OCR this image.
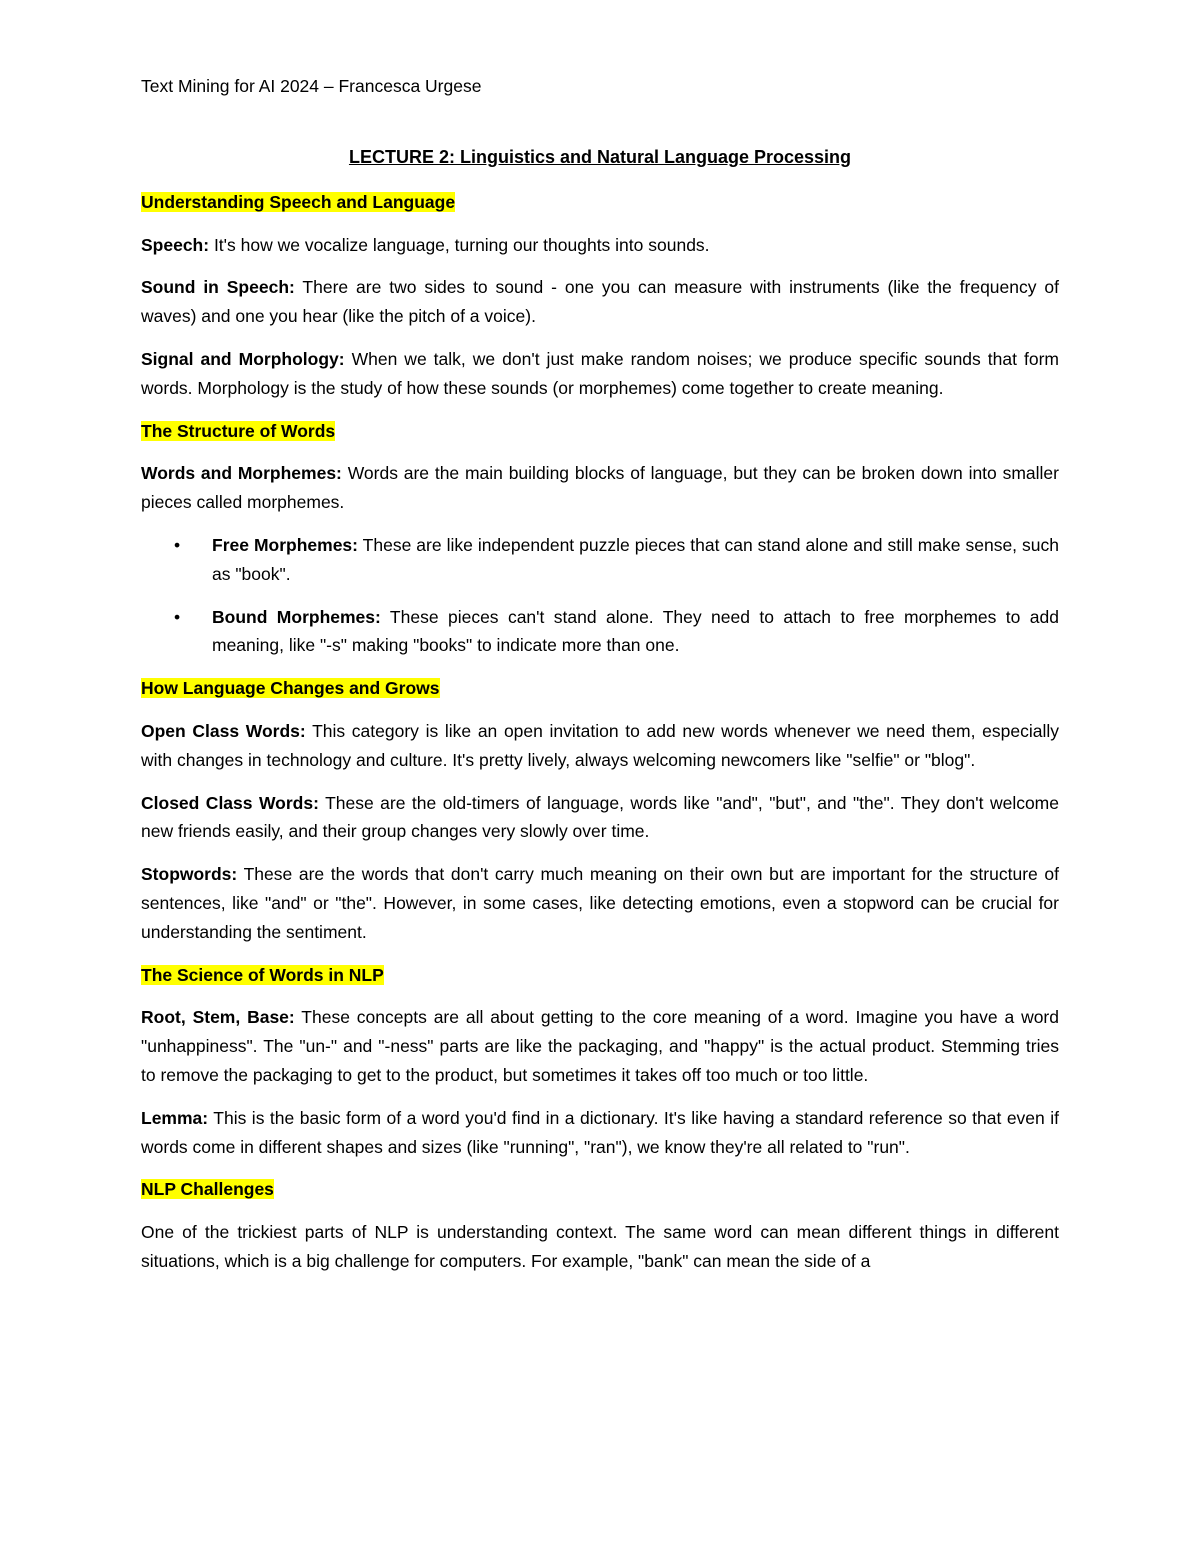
Text Mining for AI 2024 – Francesca Urgese
LECTURE 2: Linguistics and Natural Language Processing
Understanding Speech and Language

Speech: It's how we vocalize language, turning our thoughts into sounds.

Sound in Speech: There are two sides to sound - one you can measure with instruments (like the frequency of waves) and one you hear (like the pitch of a voice).

Signal and Morphology: When we talk, we don't just make random noises; we produce specific sounds that form words. Morphology is the study of how these sounds (or morphemes) come together to create meaning.

The Structure of Words

Words and Morphemes: Words are the main building blocks of language, but they can be broken down into smaller pieces called morphemes.

• Free Morphemes: These are like independent puzzle pieces that can stand alone and still make sense, such as "book".
• Bound Morphemes: These pieces can't stand alone. They need to attach to free morphemes to add meaning, like "-s" making "books" to indicate more than one.
How Language Changes and Grows

Open Class Words: This category is like an open invitation to add new words whenever we need them, especially with changes in technology and culture. It's pretty lively, always welcoming newcomers like "selfie" or "blog".

Closed Class Words: These are the old-timers of language, words like "and", "but", and "the". They don't welcome new friends easily, and their group changes very slowly over time.

Stopwords: These are the words that don't carry much meaning on their own but are important for the structure of sentences, like "and" or "the". However, in some cases, like detecting emotions, even a stopword can be crucial for understanding the sentiment.

The Science of Words in NLP

Root, Stem, Base: These concepts are all about getting to the core meaning of a word. Imagine you have a word "unhappiness". The "un-" and "-ness" parts are like the packaging, and "happy" is the actual product. Stemming tries to remove the packaging to get to the product, but sometimes it takes off too much or too little.

Lemma: This is the basic form of a word you'd find in a dictionary. It's like having a standard reference so that even if words come in different shapes and sizes (like "running", "ran"), we know they're all related to "run".

NLP Challenges

One of the trickiest parts of NLP is understanding context. The same word can mean different things in different situations, which is a big challenge for computers. For example, "bank" can mean the side of a
